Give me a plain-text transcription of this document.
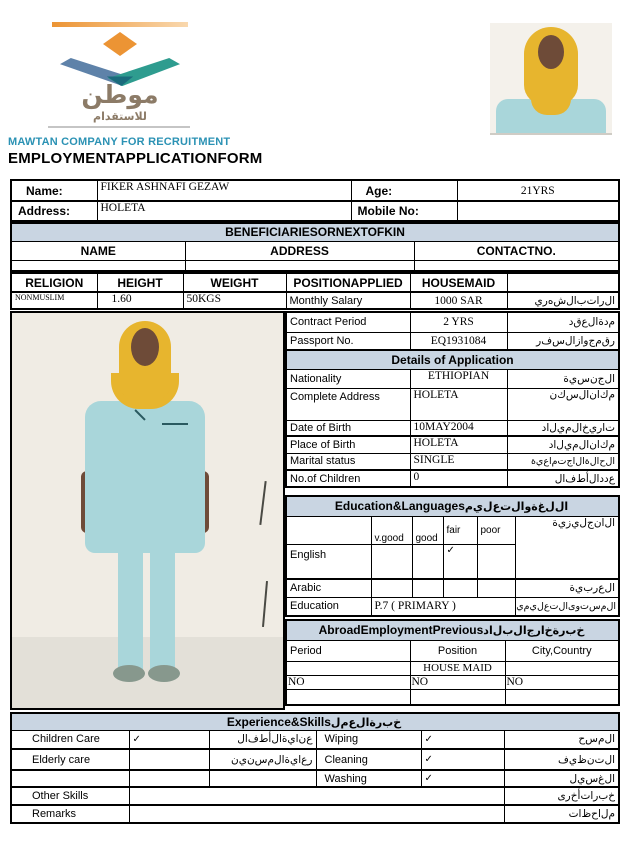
موطن
للاستقدام
MAWTAN COMPANY FOR RECRUITMENT
EMPLOYMENTAPPLICATIONFORM
Name:	FIKER ASHNAFI GEZAW	Age:	21YRS
Address:	HOLETA	Mobile No:	
BENEFICIARIESORNEXTOFKIN		
NAME	ADDRESS	CONTACTNO.

RELIGION	HEIGHT	WEIGHT	POSITIONAPPLIED	HOUSEMAID	
NONMUSLIM	1.60	50KGS	Monthly Salary	1000 SAR	ا‌ل‌ر‌ا‌ت‌ب‌ا‌ل‌ش‌ه‌ر‌ي
Contract Period	2 YRS	م‌د‌ة‌ا‌ل‌ع‌ق‌د
Passport No.	EQ1931084	ر‌ق‌م‌ج‌و‌ا‌ز‌ا‌ل‌س‌ف‌ر
Details of Application		
Nationality	ETHIOPIAN	ا‌ل‌ج‌ن‌س‌ي‌ة
Complete Address	HOLETA	م‌ك‌ا‌ن‌ا‌ل‌س‌ك‌ن
Date of Birth	10MAY2004	ت‌ا‌ر‌ي‌خ‌ا‌ل‌م‌ي‌ل‌ا‌د
Place of Birth	HOLETA	م‌ك‌ا‌ن‌ا‌ل‌م‌ي‌ل‌ا‌د
Marital status	SINGLE	ا‌ل‌ح‌ا‌ل‌ة‌ا‌ل‌ا‌ج‌ت‌م‌ا‌ع‌ي‌ة
No.of Children	0	ع‌د‌د‌ا‌ل‌أ‌ط‌ف‌ا‌ل
Education&Languagesا‌ل‌ل‌غ‌ة‌و‌ا‌ل‌ت‌ع‌ل‌ي‌م					
	v.good	good	fair	poor	ا‌ل‌ا‌ن‌ج‌ل‌ي‌ز‌ي‌ة
English			✓		
Arabic					ا‌ل‌ع‌ر‌ب‌ي‌ة
Education	P.7 ( PRIMARY )				ا‌ل‌م‌س‌ت‌و‌ى‌ا‌ل‌ت‌ع‌ل‌ي‌م‌ي
AbroadEmploymentPreviousخ‌ب‌ر‌ة‌خ‌ا‌ر‌ج‌ا‌ل‌ب‌ل‌ا‌د		
Period	Position	City,Country
	HOUSE MAID	
NO	NO	NO

Experience&Skillsخ‌ب‌ر‌ة‌ا‌ل‌ع‌م‌ل					
Children Care	✓	ع‌ن‌ا‌ي‌ة‌ا‌ل‌أ‌ط‌ف‌ا‌ل	Wiping	✓	ا‌ل‌م‌س‌ح
Elderly care		ر‌ع‌ا‌ي‌ة‌ا‌ل‌م‌س‌ن‌ي‌ن	Cleaning	✓	ا‌ل‌ت‌ن‌ظ‌ي‌ف
			Washing	✓	ا‌ل‌غ‌س‌ي‌ل
Other Skills					خ‌ب‌ر‌ا‌ت‌أ‌خ‌ر‌ى
Remarks					م‌ل‌ا‌ح‌ظ‌ا‌ت
